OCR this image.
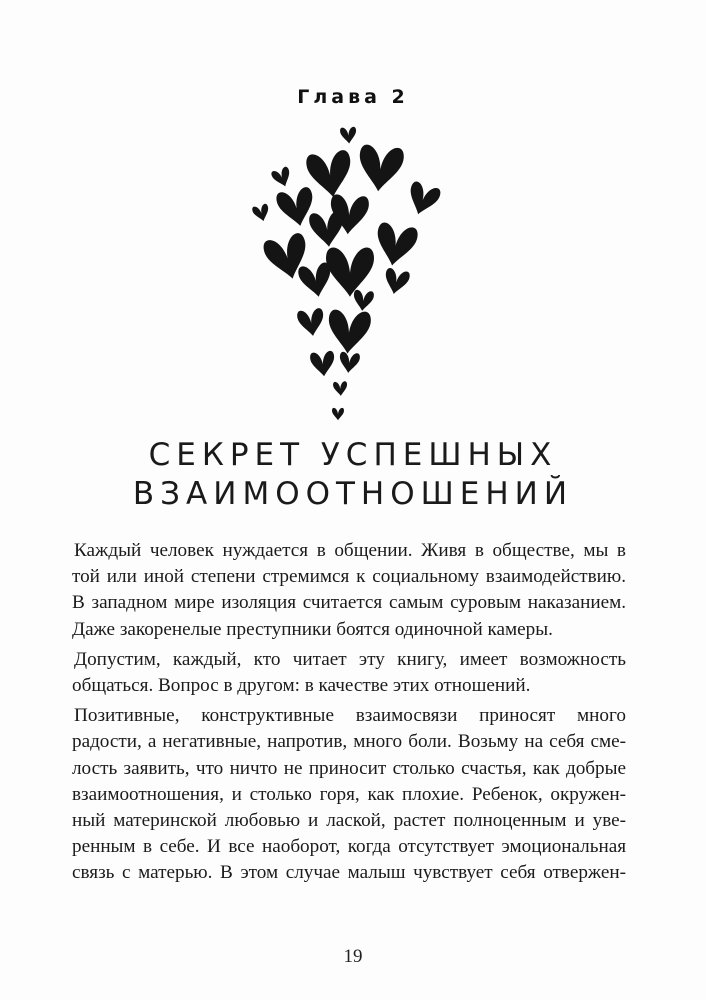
Глава 2
СЕКРЕТ УСПЕШНЫХ
ВЗАИМООТНОШЕНИЙ
Каждый человек нуждается в общении. Живя в обществе, мы в
той или иной степени стремимся к социальному взаимодействию.
В западном мире изоляция считается самым суровым наказанием.
Даже закоренелые преступники боятся одиночной камеры.
Допустим, каждый, кто читает эту книгу, имеет возможность
общаться. Вопрос в другом: в качестве этих отношений.
Позитивные, конструктивные взаимосвязи приносят много
радости, а негативные, напротив, много боли. Возьму на себя сме-
лость заявить, что ничто не приносит столько счастья, как добрые
взаимоотношения, и столько горя, как плохие. Ребенок, окружен-
ный материнской любовью и лаской, растет полноценным и уве-
ренным в себе. И все наоборот, когда отсутствует эмоциональная
связь с матерью. В этом случае малыш чувствует себя отвержен-
19
